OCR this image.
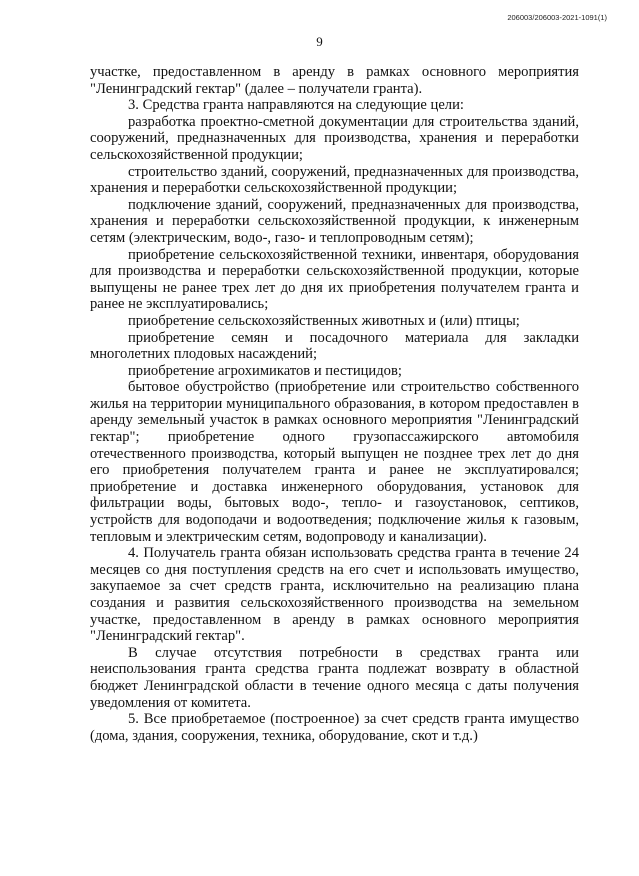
206003/206003-2021-1091(1)
9

участке, предоставленном в аренду в рамках основного мероприятия "Ленинградский гектар" (далее – получатели гранта).

3. Средства гранта направляются на следующие цели:

разработка проектно-сметной документации для строительства зданий, сооружений, предназначенных для производства, хранения и переработки сельскохозяйственной продукции;

строительство зданий, сооружений, предназначенных для производства, хранения и переработки сельскохозяйственной продукции;

подключение зданий, сооружений, предназначенных для производства, хранения и переработки сельскохозяйственной продукции, к инженерным сетям (электрическим, водо-, газо- и теплопроводным сетям);

приобретение сельскохозяйственной техники, инвентаря, оборудования для производства и переработки сельскохозяйственной продукции, которые выпущены не ранее трех лет до дня их приобретения получателем гранта и ранее не эксплуатировались;

приобретение сельскохозяйственных животных и (или) птицы;

приобретение семян и посадочного материала для закладки многолетних плодовых насаждений;

приобретение агрохимикатов и пестицидов;

бытовое обустройство (приобретение или строительство собственного жилья на территории муниципального образования, в котором предоставлен в аренду земельный участок в рамках основного мероприятия "Ленинградский гектар"; приобретение одного грузопассажирского автомобиля отечественного производства, который выпущен не позднее трех лет до дня его приобретения получателем гранта и ранее не эксплуатировался; приобретение и доставка инженерного оборудования, установок для фильтрации воды, бытовых водо-, тепло- и газоустановок, септиков, устройств для водоподачи и водоотведения; подключение жилья к газовым, тепловым и электрическим сетям, водопроводу и канализации).

4. Получатель гранта обязан использовать средства гранта в течение 24 месяцев со дня поступления средств на его счет и использовать имущество, закупаемое за счет средств гранта, исключительно на реализацию плана создания и развития сельскохозяйственного производства на земельном участке, предоставленном в аренду в рамках основного мероприятия "Ленинградский гектар".

В случае отсутствия потребности в средствах гранта или неиспользования гранта средства гранта подлежат возврату в областной бюджет Ленинградской области в течение одного месяца с даты получения уведомления от комитета.

5. Все приобретаемое (построенное) за счет средств гранта имущество (дома, здания, сооружения, техника, оборудование, скот и т.д.)
